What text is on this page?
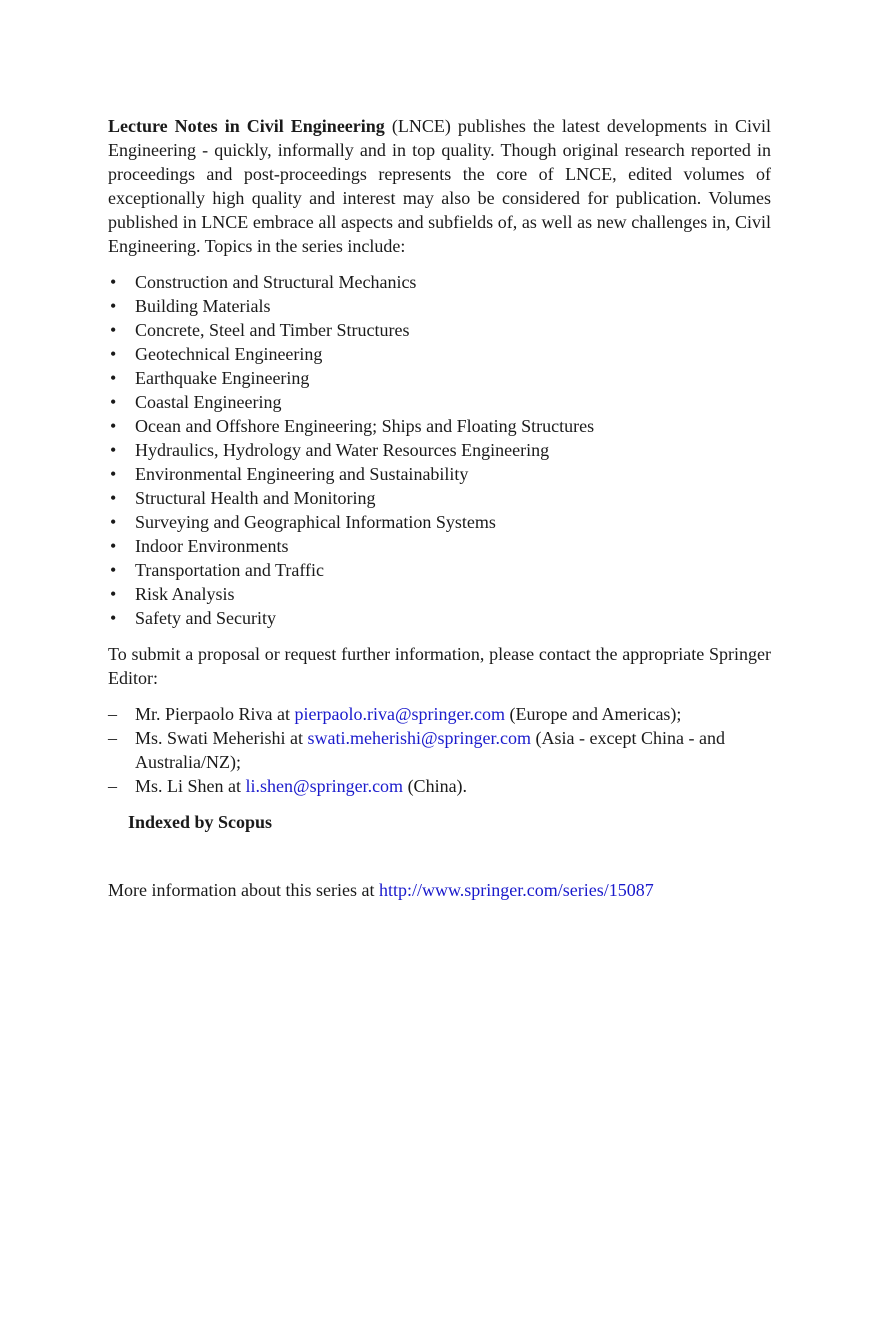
Lecture Notes in Civil Engineering (LNCE) publishes the latest developments in Civil Engineering - quickly, informally and in top quality. Though original research reported in proceedings and post-proceedings represents the core of LNCE, edited volumes of exceptionally high quality and interest may also be considered for publication. Volumes published in LNCE embrace all aspects and subfields of, as well as new challenges in, Civil Engineering. Topics in the series include:

• Construction and Structural Mechanics
• Building Materials
• Concrete, Steel and Timber Structures
• Geotechnical Engineering
• Earthquake Engineering
• Coastal Engineering
• Ocean and Offshore Engineering; Ships and Floating Structures
• Hydraulics, Hydrology and Water Resources Engineering
• Environmental Engineering and Sustainability
• Structural Health and Monitoring
• Surveying and Geographical Information Systems
• Indoor Environments
• Transportation and Traffic
• Risk Analysis
• Safety and Security

To submit a proposal or request further information, please contact the appropriate Springer Editor:

– Mr. Pierpaolo Riva at pierpaolo.riva@springer.com (Europe and Americas);
– Ms. Swati Meherishi at swati.meherishi@springer.com (Asia - except China - and Australia/NZ);
– Ms. Li Shen at li.shen@springer.com (China).
Indexed by Scopus
More information about this series at http://www.springer.com/series/15087
